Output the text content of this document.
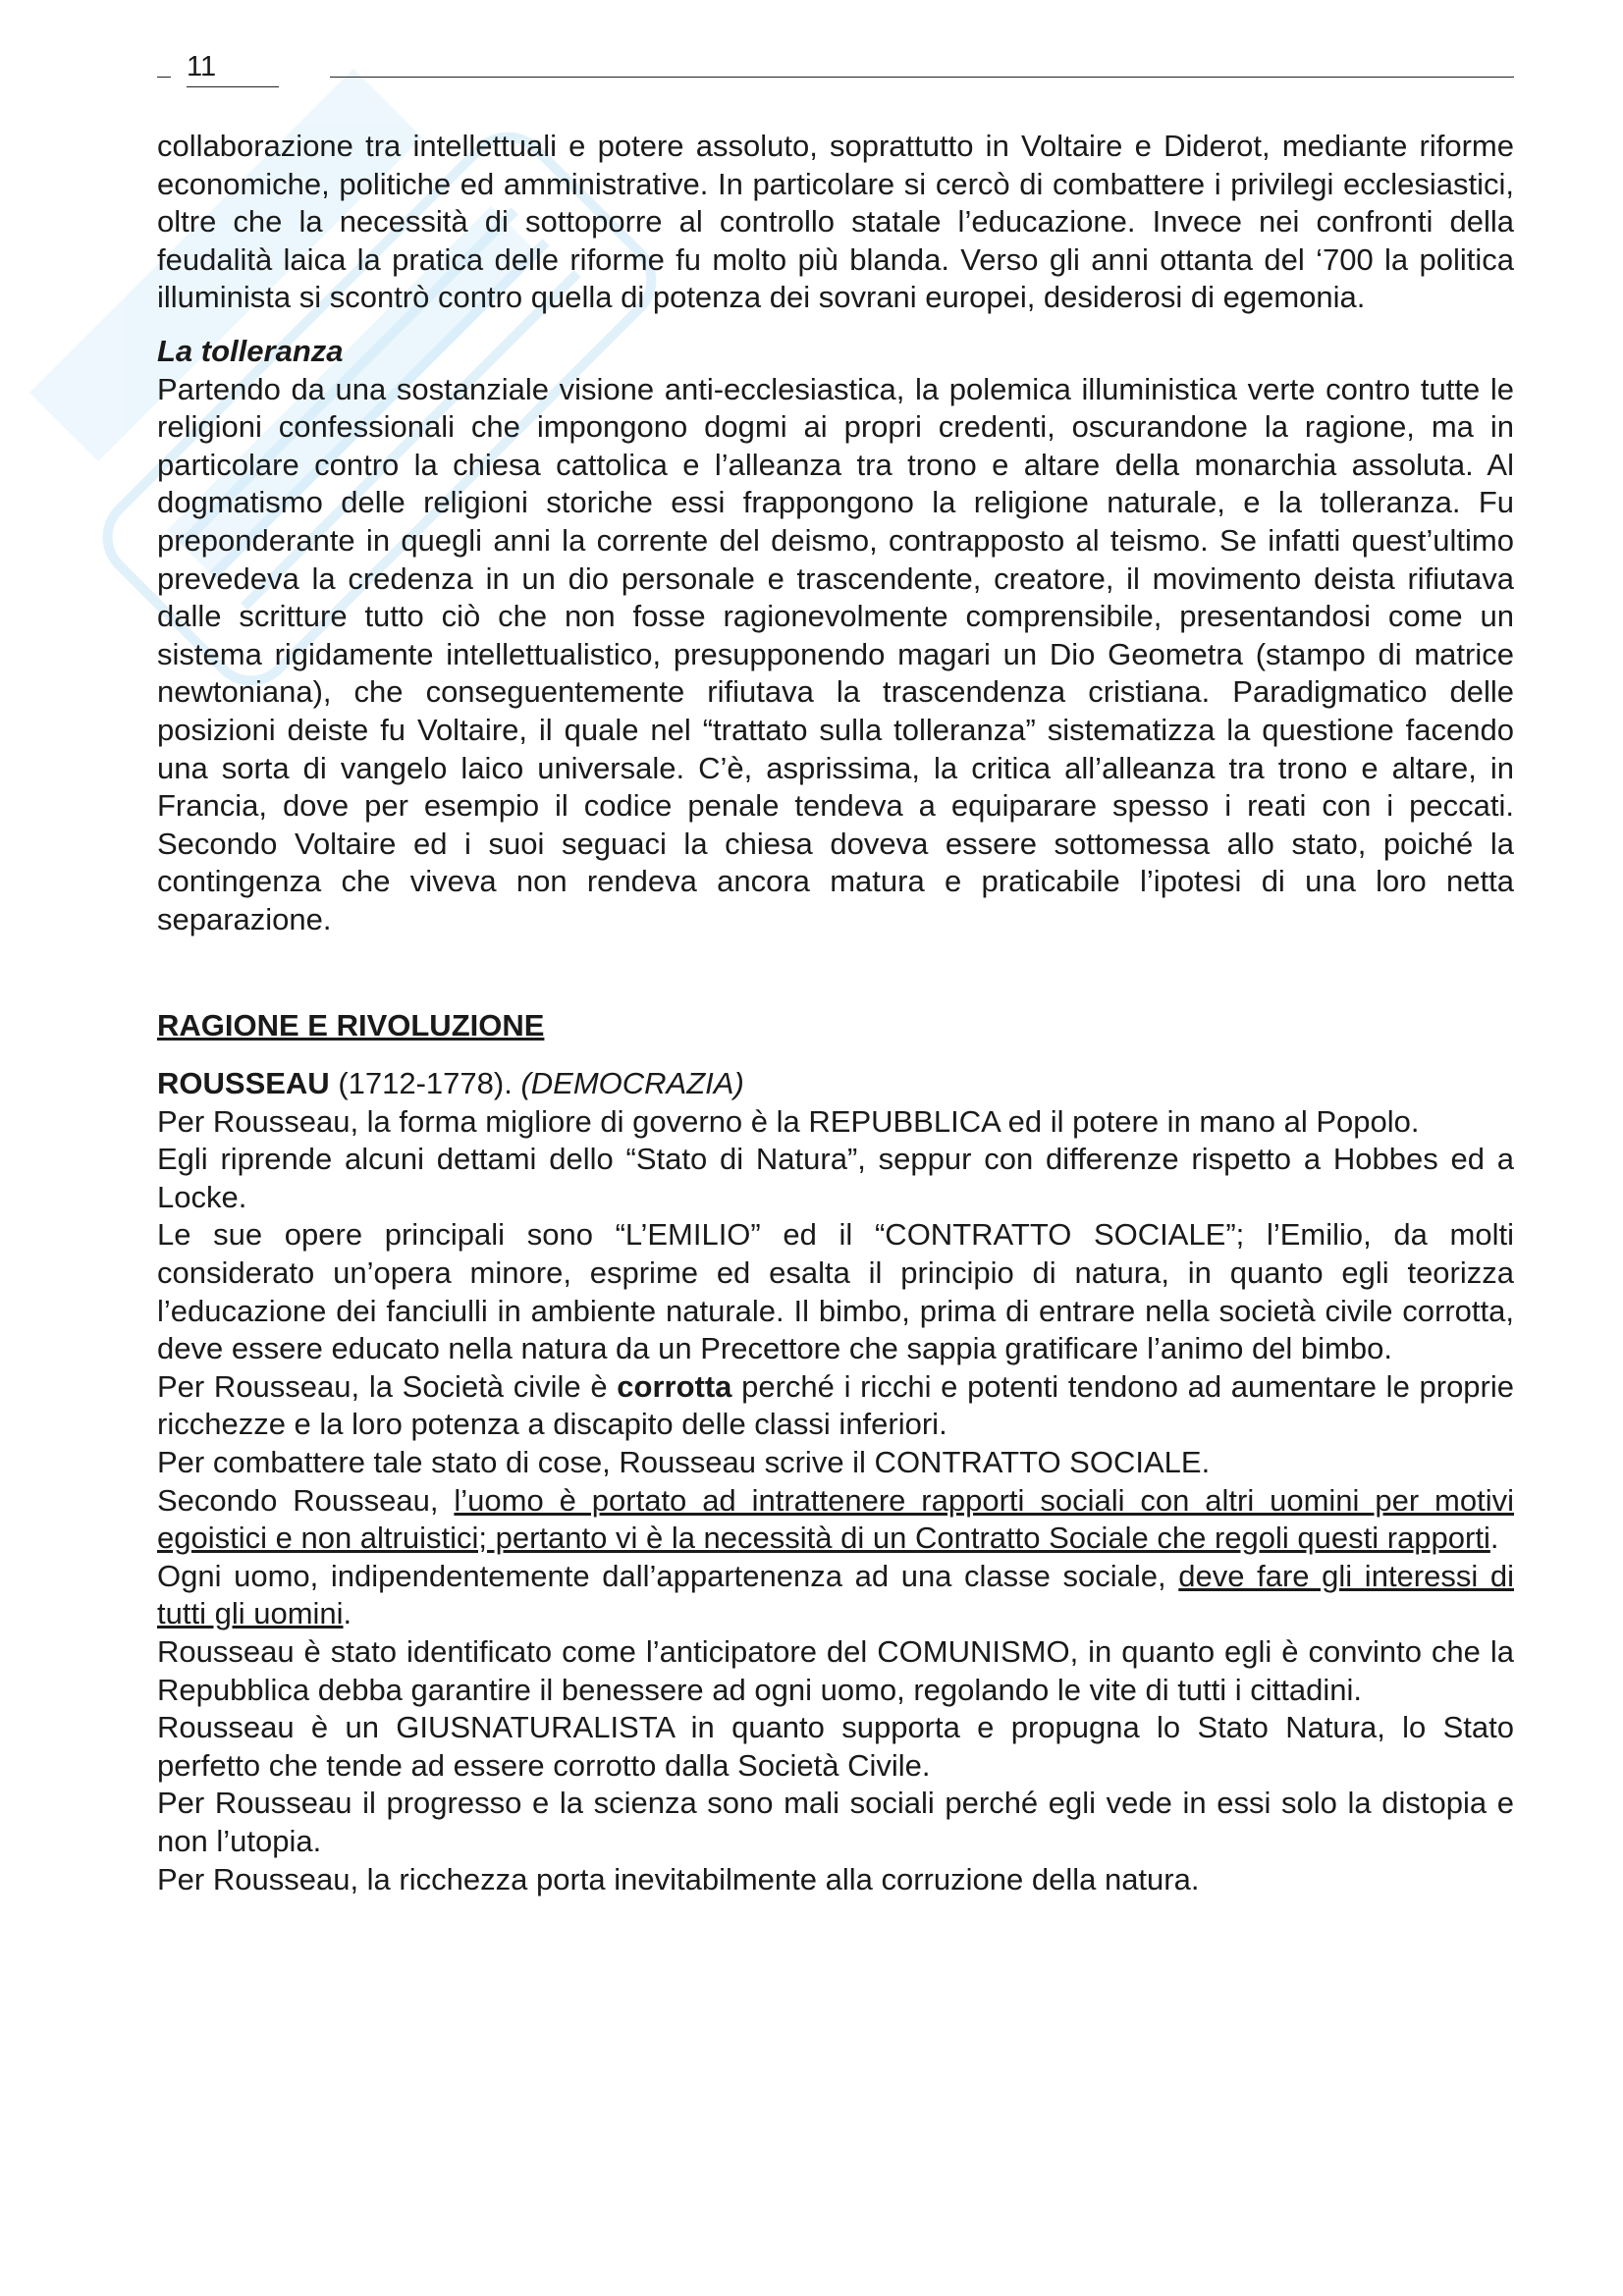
11

collaborazione tra intellettuali e potere assoluto, soprattutto in Voltaire e Diderot, mediante riforme economiche, politiche ed amministrative. In particolare si cercò di combattere i privilegi ecclesiastici, oltre che la necessità di sottoporre al controllo statale l’educazione. Invece nei confronti della feudalità laica la pratica delle riforme fu molto più blanda. Verso gli anni ottanta del ‘700 la politica illuminista si scontrò contro quella di potenza dei sovrani europei, desiderosi di egemonia.

La tolleranza

Partendo da una sostanziale visione anti-ecclesiastica, la polemica illuministica verte contro tutte le religioni confessionali che impongono dogmi ai propri credenti, oscurandone la ragione, ma in particolare contro la chiesa cattolica e l’alleanza tra trono e altare della monarchia assoluta. Al dogmatismo delle religioni storiche essi frappongono la religione naturale, e la tolleranza. Fu preponderante in quegli anni la corrente del deismo, contrapposto al teismo. Se infatti quest’ultimo prevedeva la credenza in un dio personale e trascendente, creatore, il movimento deista rifiutava dalle scritture tutto ciò che non fosse ragionevolmente comprensibile, presentandosi come un sistema rigidamente intellettualistico, presupponendo magari un Dio Geometra (stampo di matrice newtoniana), che conseguentemente rifiutava la trascendenza cristiana. Paradigmatico delle posizioni deiste fu Voltaire, il quale nel “trattato sulla tolleranza” sistematizza la questione facendo una sorta di vangelo laico universale. C’è, asprissima, la critica all’alleanza tra trono e altare, in Francia, dove per esempio il codice penale tendeva a equiparare spesso i reati con i peccati. Secondo Voltaire ed i suoi seguaci la chiesa doveva essere sottomessa allo stato, poiché la contingenza che viveva non rendeva ancora matura e praticabile l’ipotesi di una loro netta separazione.

RAGIONE E RIVOLUZIONE

ROUSSEAU (1712-1778). (DEMOCRAZIA)

Per Rousseau, la forma migliore di governo è la REPUBBLICA ed il potere in mano al Popolo.

Egli riprende alcuni dettami dello “Stato di Natura”, seppur con differenze rispetto a Hobbes ed a Locke.

Le sue opere principali sono “L’EMILIO” ed il “CONTRATTO SOCIALE”; l’Emilio, da molti considerato un’opera minore, esprime ed esalta il principio di natura, in quanto egli teorizza l’educazione dei fanciulli in ambiente naturale. Il bimbo, prima di entrare nella società civile corrotta, deve essere educato nella natura da un Precettore che sappia gratificare l’animo del bimbo.

Per Rousseau, la Società civile è corrotta perché i ricchi e potenti tendono ad aumentare le proprie ricchezze e la loro potenza a discapito delle classi inferiori.

Per combattere tale stato di cose, Rousseau scrive il CONTRATTO SOCIALE.

Secondo Rousseau, l’uomo è portato ad intrattenere rapporti sociali con altri uomini per motivi egoistici e non altruistici; pertanto vi è la necessità di un Contratto Sociale che regoli questi rapporti.

Ogni uomo, indipendentemente dall’appartenenza ad una classe sociale, deve fare gli interessi di tutti gli uomini.

Rousseau è stato identificato come l’anticipatore del COMUNISMO, in quanto egli è convinto che la Repubblica debba garantire il benessere ad ogni uomo, regolando le vite di tutti i cittadini.

Rousseau è un GIUSNATURALISTA in quanto supporta e propugna lo Stato Natura, lo Stato perfetto che tende ad essere corrotto dalla Società Civile.

Per Rousseau il progresso e la scienza sono mali sociali perché egli vede in essi solo la distopia e non l’utopia.

Per Rousseau, la ricchezza porta inevitabilmente alla corruzione della natura.
